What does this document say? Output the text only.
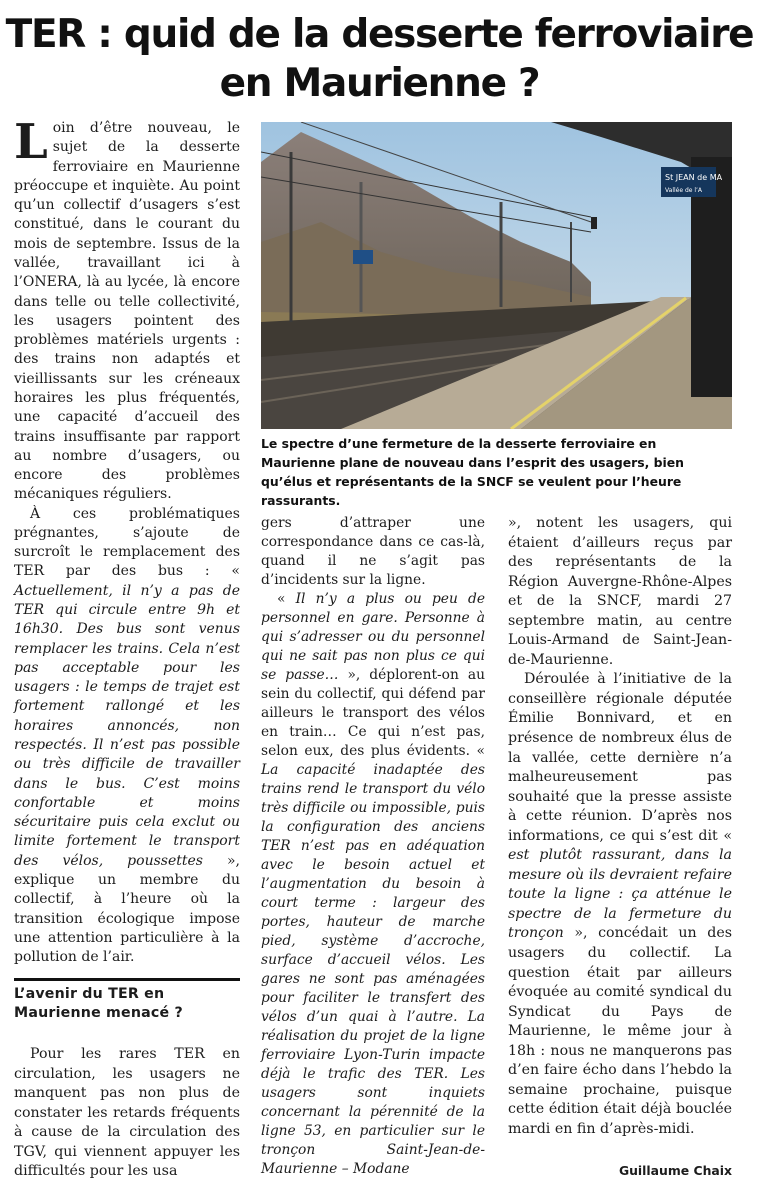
TER : quid de la desserte ferroviaire
en Maurienne ?
St JEAN de MA
Vallée de l’A
Le spectre d’une fermeture de la desserte ferroviaire en Maurienne plane de nouveau dans l’esprit des usagers, bien qu’élus et représentants de la SNCF se veulent pour l’heure rassurants.

Loin d’être nouveau, le sujet de la desserte ferroviaire en Maurienne préoccupe et inquiète. Au point qu’un collectif d’usagers s’est constitué, dans le courant du mois de septembre. Issus de la vallée, travaillant ici à l’ONERA, là au lycée, là encore dans telle ou telle collectivité, les usagers pointent des problèmes matériels urgents : des trains non adaptés et vieillissants sur les créneaux horaires les plus fréquentés, une capacité d’accueil des trains insuffisante par rapport au nombre d’usagers, ou encore des problèmes mécaniques réguliers.

À ces problématiques prégnantes, s’ajoute de surcroît le remplacement des TER par des bus : « Actuellement, il n’y a pas de TER qui circule entre 9h et 16h30. Des bus sont venus remplacer les trains. Cela n’est pas acceptable pour les usagers : le temps de trajet est fortement rallongé et les horaires annoncés, non respectés. Il n’est pas possible ou très difficile de travailler dans le bus. C’est moins confortable et moins sécuritaire puis cela exclut ou limite fortement le transport des vélos, poussettes », explique un membre du collectif, à l’heure où la transition écologique impose une attention particulière à la pollution de l’air.

L’avenir du TER en
Maurienne menacé ?

Pour les rares TER en circulation, les usagers ne manquent pas non plus de constater les retards fréquents à cause de la circulation des TGV, qui viennent appuyer les difficultés pour les usa

gers d’attraper une correspondance dans ce cas-là, quand il ne s’agit pas d’incidents sur la ligne.

« Il n’y a plus ou peu de personnel en gare. Personne à qui s’adresser ou du personnel qui ne sait pas non plus ce qui se passe… », déplorent-on au sein du collectif, qui défend par ailleurs le transport des vélos en train… Ce qui n’est pas, selon eux, des plus évidents. « La capacité inadaptée des trains rend le transport du vélo très difficile ou impossible, puis la configuration des anciens TER n’est pas en adéquation avec le besoin actuel et l’augmentation du besoin à court terme : largeur des portes, hauteur de marche pied, système d’accroche, surface d’accueil vélos. Les gares ne sont pas aménagées pour faciliter le transfert des vélos d’un quai à l’autre. La réalisation du projet de la ligne ferroviaire Lyon-Turin impacte déjà le trafic des TER. Les usagers sont inquiets concernant la pérennité de la ligne 53, en particulier sur le tronçon Saint-Jean-de-Maurienne – Modane

», notent les usagers, qui étaient d’ailleurs reçus par des représentants de la Région Auvergne-Rhône-Alpes et de la SNCF, mardi 27 septembre matin, au centre Louis-Armand de Saint-Jean-de-Maurienne.

Déroulée à l’initiative de la conseillère régionale députée Émilie Bonnivard, et en présence de nombreux élus de la vallée, cette dernière n’a malheureusement pas souhaité que la presse assiste à cette réunion. D’après nos informations, ce qui s’est dit « est plutôt rassurant, dans la mesure où ils devraient refaire toute la ligne : ça atténue le spectre de la fermeture du tronçon », concédait un des usagers du collectif. La question était par ailleurs évoquée au comité syndical du Syndicat du Pays de Maurienne, le même jour à 18h : nous ne manquerons pas d’en faire écho dans l’hebdo la semaine prochaine, puisque cette édition était déjà bouclée mardi en fin d’après-midi.

Guillaume Chaix
